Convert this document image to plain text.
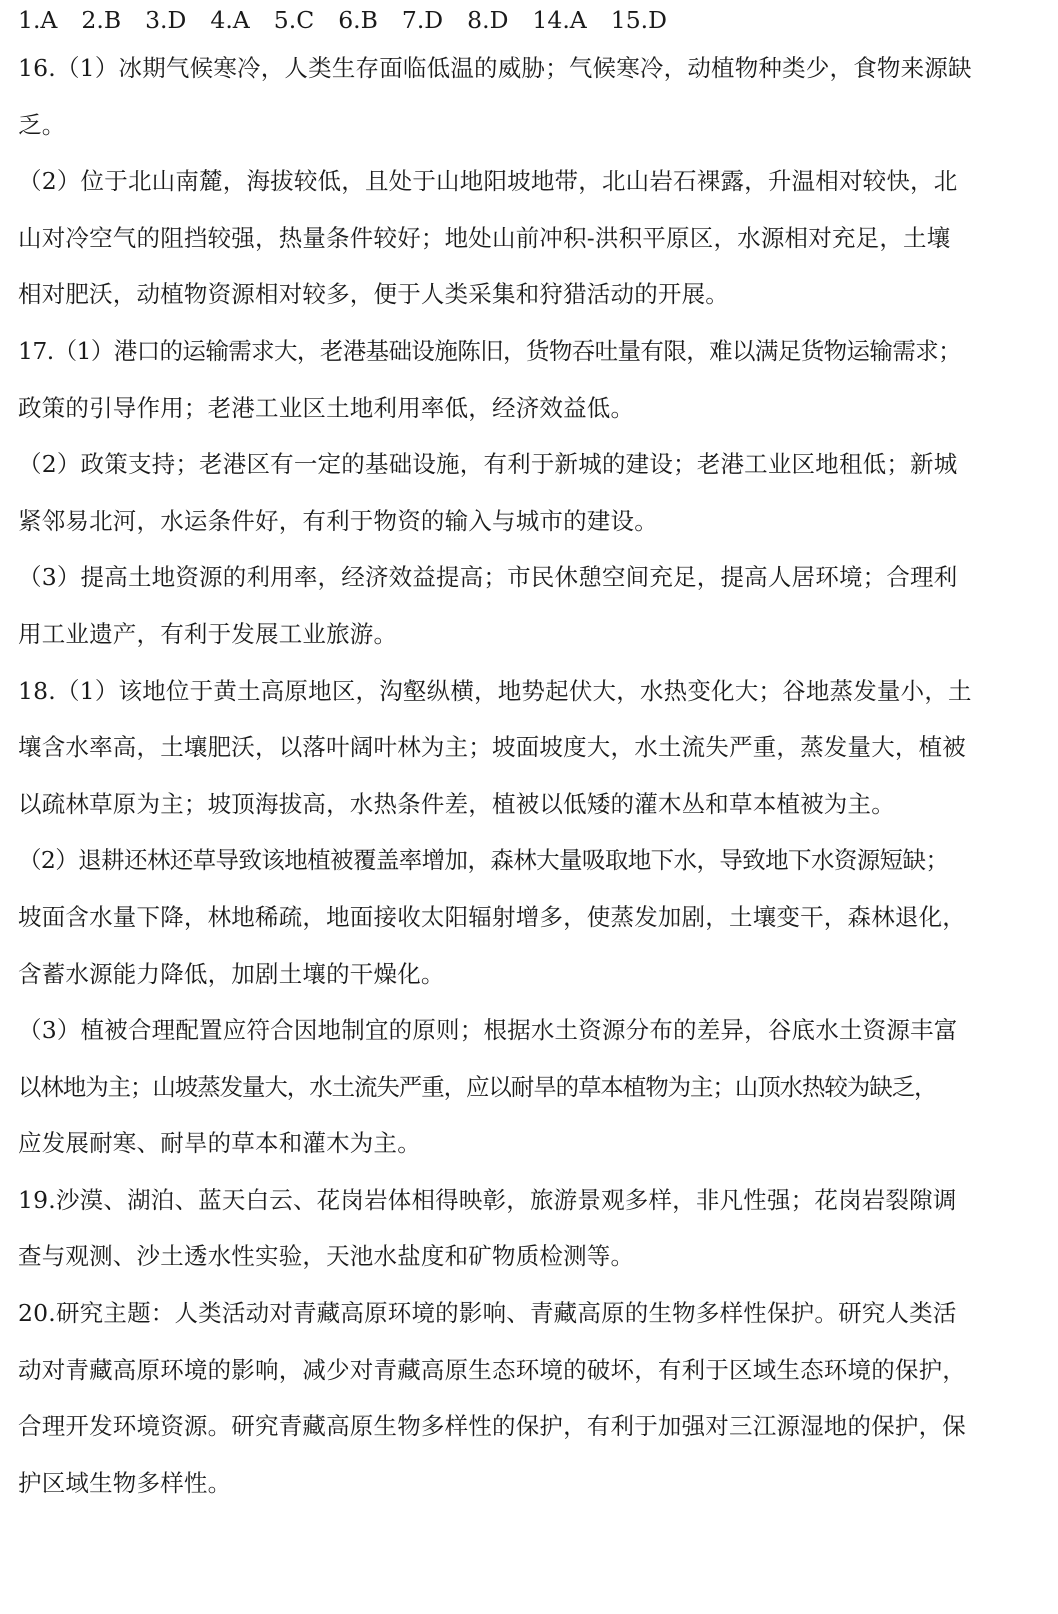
1.A 2.B 3.D 4.A 5.C 6.B 7.D 8.D 14.A 15.D
16.（1）冰期气候寒冷，人类生存面临低温的威胁；气候寒冷，动植物种类少，食物来源缺
乏。
（2）位于北山南麓，海拔较低，且处于山地阳坡地带，北山岩石裸露，升温相对较快，北
山对冷空气的阻挡较强，热量条件较好；地处山前冲积-洪积平原区，水源相对充足，土壤
相对肥沃，动植物资源相对较多，便于人类采集和狩猎活动的开展。
17.（1）港口的运输需求大，老港基础设施陈旧，货物吞吐量有限，难以满足货物运输需求；
政策的引导作用；老港工业区土地利用率低，经济效益低。
（2）政策支持；老港区有一定的基础设施，有利于新城的建设；老港工业区地租低；新城
紧邻易北河，水运条件好，有利于物资的输入与城市的建设。
（3）提高土地资源的利用率，经济效益提高；市民休憩空间充足，提高人居环境；合理利
用工业遗产，有利于发展工业旅游。
18.（1）该地位于黄土高原地区，沟壑纵横，地势起伏大，水热变化大；谷地蒸发量小，土
壤含水率高，土壤肥沃，以落叶阔叶林为主；坡面坡度大，水土流失严重，蒸发量大，植被
以疏林草原为主；坡顶海拔高，水热条件差，植被以低矮的灌木丛和草本植被为主。
（2）退耕还林还草导致该地植被覆盖率增加，森林大量吸取地下水，导致地下水资源短缺；
坡面含水量下降，林地稀疏，地面接收太阳辐射增多，使蒸发加剧，土壤变干，森林退化，
含蓄水源能力降低，加剧土壤的干燥化。
（3）植被合理配置应符合因地制宜的原则；根据水土资源分布的差异，谷底水土资源丰富
以林地为主；山坡蒸发量大，水土流失严重，应以耐旱的草本植物为主；山顶水热较为缺乏，
应发展耐寒、耐旱的草本和灌木为主。
19.沙漠、湖泊、蓝天白云、花岗岩体相得映彰，旅游景观多样，非凡性强；花岗岩裂隙调
查与观测、沙土透水性实验，天池水盐度和矿物质检测等。
20.研究主题：人类活动对青藏高原环境的影响、青藏高原的生物多样性保护。研究人类活
动对青藏高原环境的影响，减少对青藏高原生态环境的破坏，有利于区域生态环境的保护，
合理开发环境资源。研究青藏高原生物多样性的保护，有利于加强对三江源湿地的保护，保
护区域生物多样性。
